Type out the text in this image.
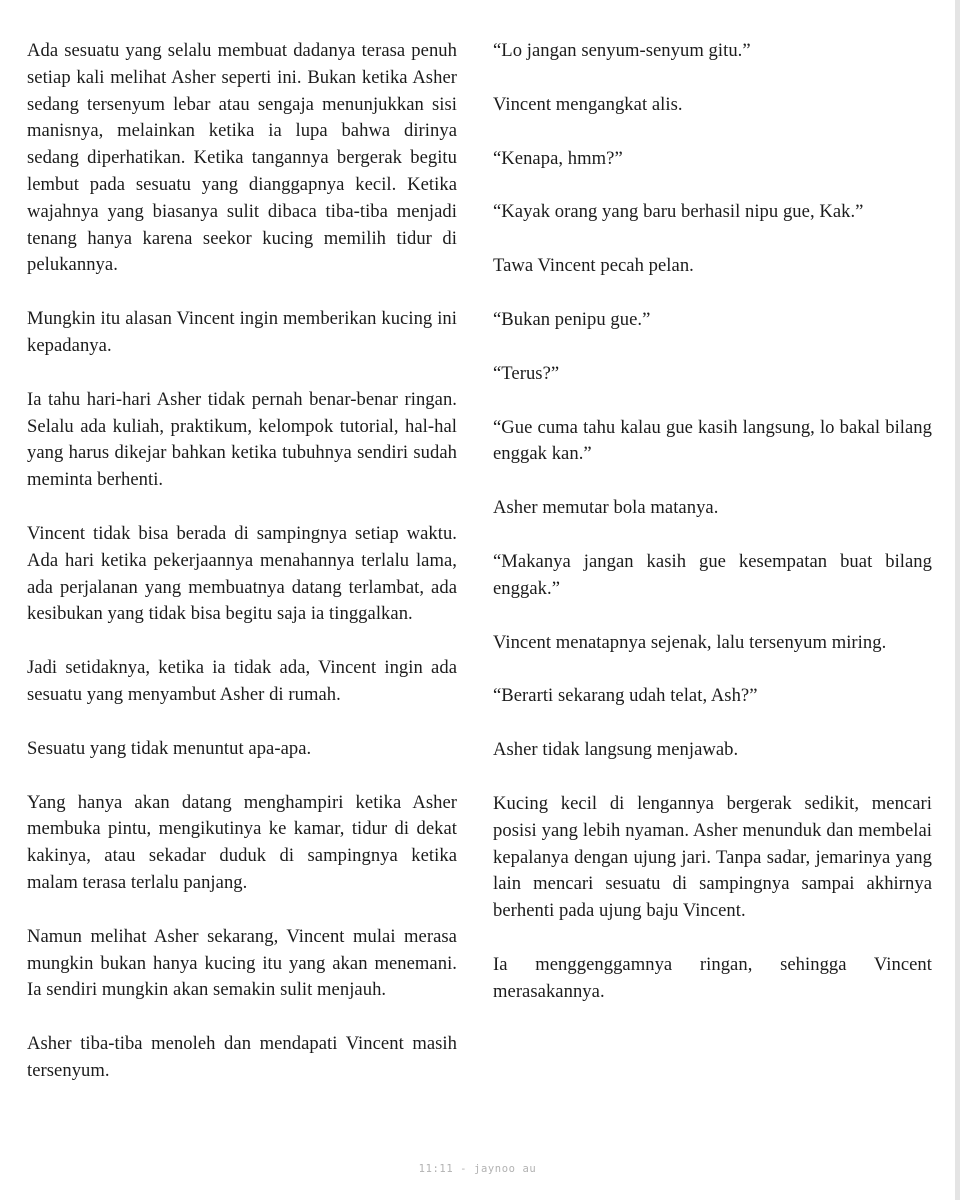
Ada sesuatu yang selalu membuat dadanya terasa penuh setiap kali melihat Asher seperti ini. Bukan ketika Asher sedang tersenyum lebar atau sengaja menunjukkan sisi manisnya, melainkan ketika ia lupa bahwa dirinya sedang diperhatikan. Ketika tangannya bergerak begitu lembut pada sesuatu yang dianggapnya kecil. Ketika wajahnya yang biasanya sulit dibaca tiba-tiba menjadi tenang hanya karena seekor kucing memilih tidur di pelukannya.

Mungkin itu alasan Vincent ingin memberikan kucing ini kepadanya.

Ia tahu hari-hari Asher tidak pernah benar-benar ringan. Selalu ada kuliah, praktikum, kelompok tutorial, hal-hal yang harus dikejar bahkan ketika tubuhnya sendiri sudah meminta berhenti.

Vincent tidak bisa berada di sampingnya setiap waktu. Ada hari ketika pekerjaannya menahannya terlalu lama, ada perjalanan yang membuatnya datang terlambat, ada kesibukan yang tidak bisa begitu saja ia tinggalkan.

Jadi setidaknya, ketika ia tidak ada, Vincent ingin ada sesuatu yang menyambut Asher di rumah.

Sesuatu yang tidak menuntut apa-apa.

Yang hanya akan datang menghampiri ketika Asher membuka pintu, mengikutinya ke kamar, tidur di dekat kakinya, atau sekadar duduk di sampingnya ketika malam terasa terlalu panjang.

Namun melihat Asher sekarang, Vincent mulai merasa mungkin bukan hanya kucing itu yang akan menemani. Ia sendiri mungkin akan semakin sulit menjauh.

Asher tiba-tiba menoleh dan mendapati Vincent masih tersenyum.

“Lo jangan senyum-senyum gitu.”

Vincent mengangkat alis.

“Kenapa, hmm?”

“Kayak orang yang baru berhasil nipu gue, Kak.”

Tawa Vincent pecah pelan.

“Bukan penipu gue.”

“Terus?”

“Gue cuma tahu kalau gue kasih langsung, lo bakal bilang enggak kan.”

Asher memutar bola matanya.

“Makanya jangan kasih gue kesempatan buat bilang enggak.”

Vincent menatapnya sejenak, lalu tersenyum miring.

“Berarti sekarang udah telat, Ash?”

Asher tidak langsung menjawab.

Kucing kecil di lengannya bergerak sedikit, mencari posisi yang lebih nyaman. Asher menunduk dan membelai kepalanya dengan ujung jari. Tanpa sadar, jemarinya yang lain mencari sesuatu di sampingnya sampai akhirnya berhenti pada ujung baju Vincent.

Ia menggenggamnya ringan, sehingga Vincent merasakannya.

11:11 - jaynoo au
